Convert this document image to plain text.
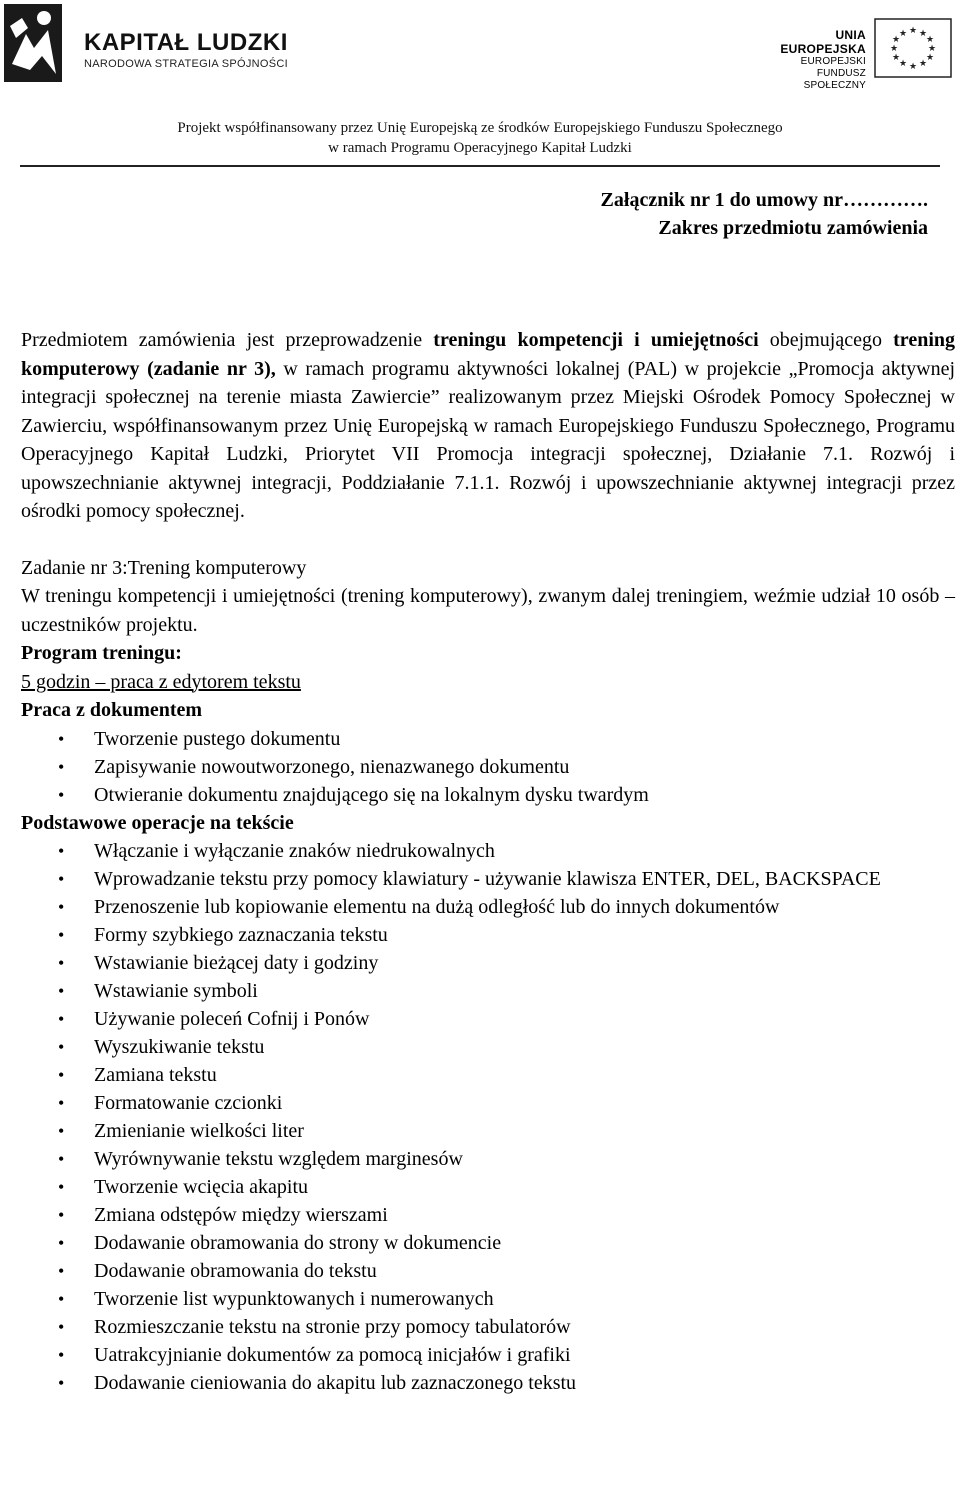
KAPITAŁ LUDZKI
NARODOWA STRATEGIA SPÓJNOŚCI
UNIA EUROPEJSKA
EUROPEJSKI
FUNDUSZ SPOŁECZNY
★ ★
★
★
★
★
★
★
★
★
★
★
Projekt współfinansowany przez Unię Europejską ze środków Europejskiego Funduszu Społecznego
w ramach Programu Operacyjnego Kapitał Ludzki
Załącznik nr 1 do umowy nr………….
Zakres przedmiotu zamówienia

Przedmiotem zamówienia jest przeprowadzenie treningu kompetencji i umiejętności obejmującego trening komputerowy (zadanie nr 3), w ramach programu aktywności lokalnej (PAL) w projekcie „Promocja aktywnej integracji społecznej na terenie miasta Zawiercie” realizowanym przez Miejski Ośrodek Pomocy Społecznej w Zawierciu, współfinansowanym przez Unię Europejską w ramach Europejskiego Funduszu Społecznego, Programu Operacyjnego Kapitał Ludzki, Priorytet VII Promocja integracji społecznej, Działanie 7.1. Rozwój i upowszechnianie aktywnej integracji, Poddziałanie 7.1.1. Rozwój i upowszechnianie aktywnej integracji przez ośrodki pomocy społecznej.

Zadanie nr 3:Trening komputerowy

W treningu kompetencji i umiejętności (trening komputerowy), zwanym dalej treningiem, weźmie udział 10 osób – uczestników projektu.

Program treningu:

5 godzin – praca z edytorem tekstu

Praca z dokumentem

• Tworzenie pustego dokumentu
• Zapisywanie nowoutworzonego, nienazwanego dokumentu
• Otwieranie dokumentu znajdującego się na lokalnym dysku twardym

Podstawowe operacje na tekście

• Włączanie i wyłączanie znaków niedrukowalnych
• Wprowadzanie tekstu przy pomocy klawiatury - używanie klawisza ENTER, DEL, BACKSPACE
• Przenoszenie lub kopiowanie elementu na dużą odległość lub do innych dokumentów
• Formy szybkiego zaznaczania tekstu
• Wstawianie bieżącej daty i godziny
• Wstawianie symboli
• Używanie poleceń Cofnij i Ponów
• Wyszukiwanie tekstu
• Zamiana tekstu
• Formatowanie czcionki
• Zmienianie wielkości liter
• Wyrównywanie tekstu względem marginesów
• Tworzenie wcięcia akapitu
• Zmiana odstępów między wierszami
• Dodawanie obramowania do strony w dokumencie
• Dodawanie obramowania do tekstu
• Tworzenie list wypunktowanych i numerowanych
• Rozmieszczanie tekstu na stronie przy pomocy tabulatorów
• Uatrakcyjnianie dokumentów za pomocą inicjałów i grafiki
• Dodawanie cieniowania do akapitu lub zaznaczonego tekstu
